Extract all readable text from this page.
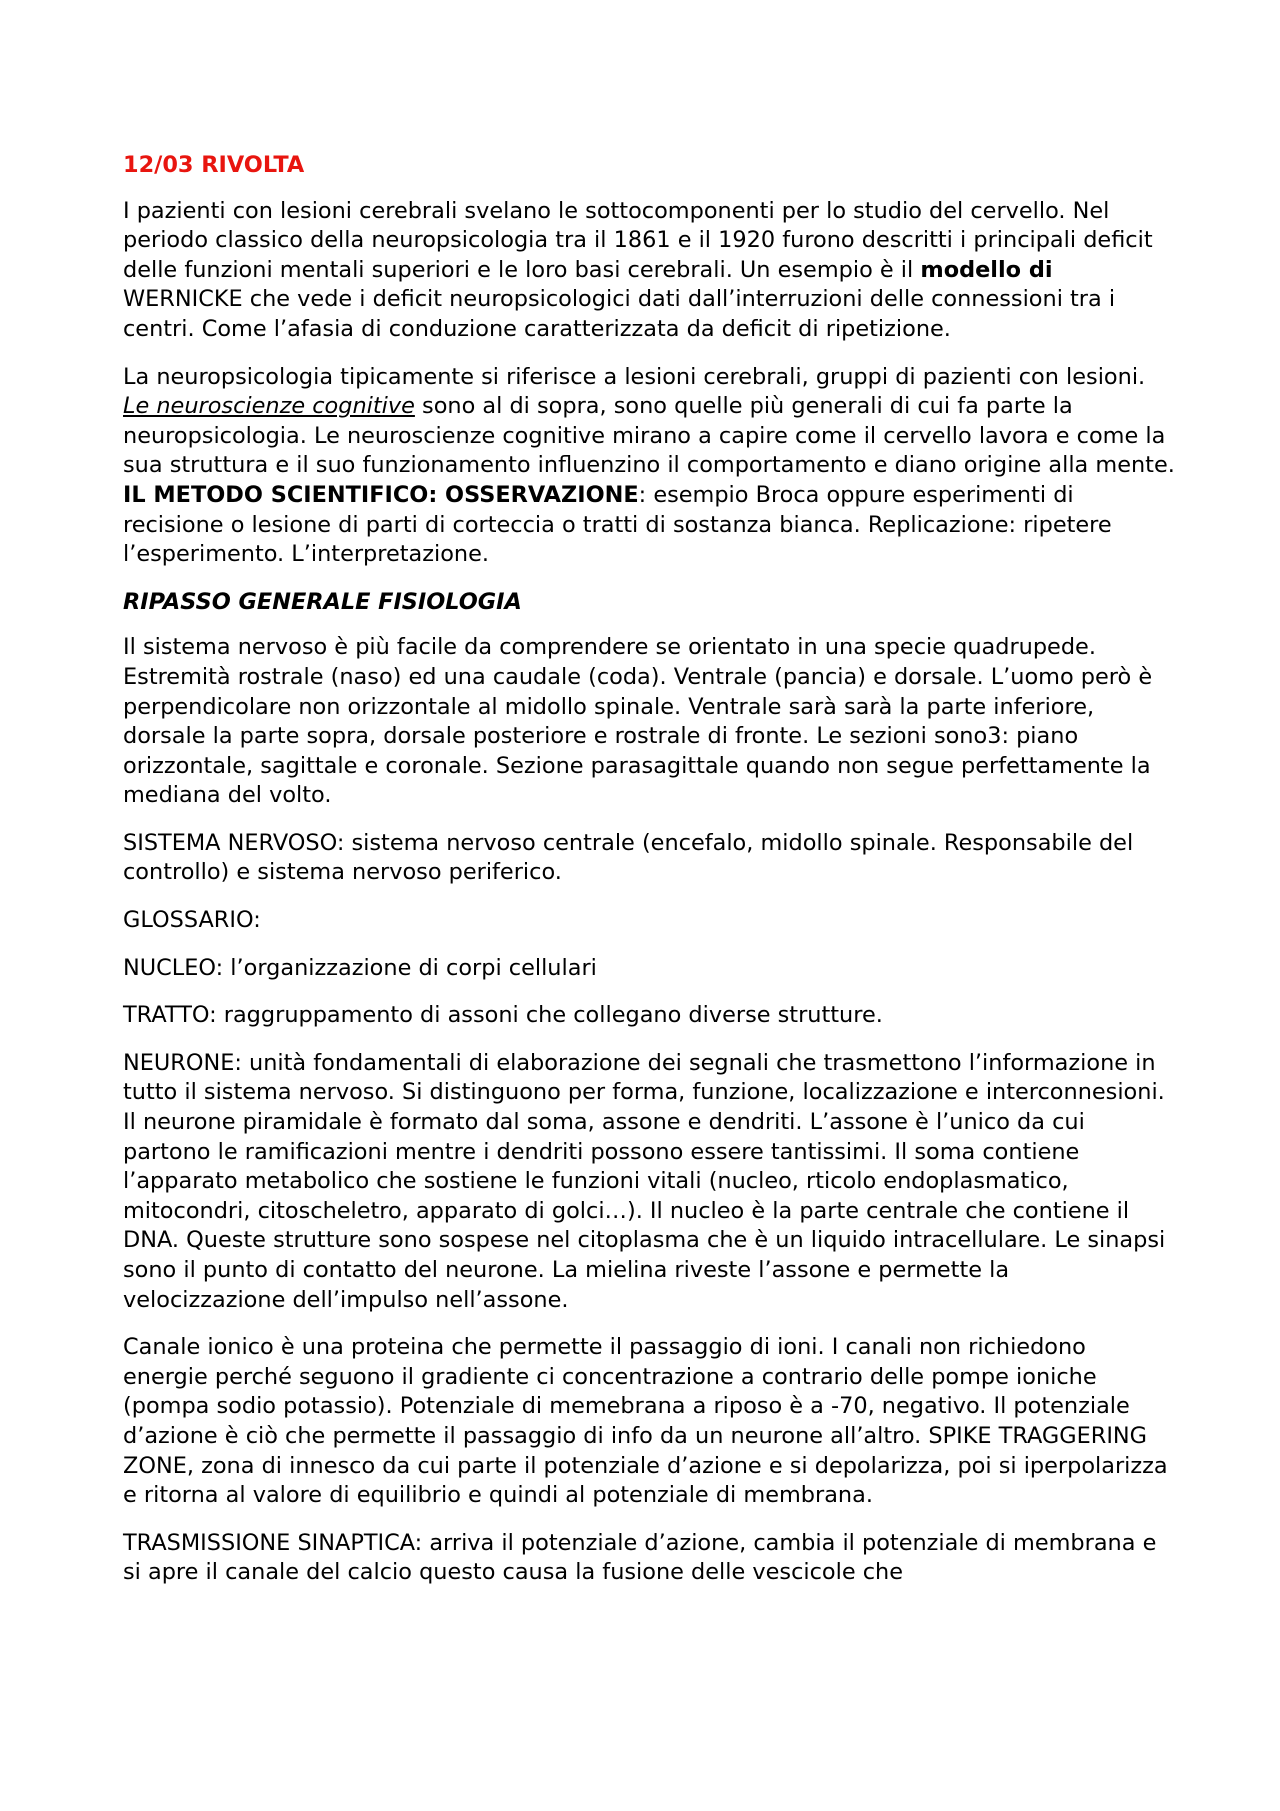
12/03 RIVOLTA

I pazienti con lesioni cerebrali svelano le sottocomponenti per lo studio del cervello. Nel periodo classico della neuropsicologia tra il 1861 e il 1920 furono descritti i principali deficit delle funzioni mentali superiori e le loro basi cerebrali. Un esempio è il modello di WERNICKE che vede i deficit neuropsicologici dati dall’interruzioni delle connessioni tra i centri. Come l’afasia di conduzione caratterizzata da deficit di ripetizione.

La neuropsicologia tipicamente si riferisce a lesioni cerebrali, gruppi di pazienti con lesioni. Le neuroscienze cognitive sono al di sopra, sono quelle più generali di cui fa parte la neuropsicologia. Le neuroscienze cognitive mirano a capire come il cervello lavora e come la sua struttura e il suo funzionamento influenzino il comportamento e diano origine alla mente. IL METODO SCIENTIFICO: OSSERVAZIONE: esempio Broca oppure esperimenti di recisione o lesione di parti di corteccia o tratti di sostanza bianca. Replicazione: ripetere l’esperimento. L’interpretazione.

RIPASSO GENERALE FISIOLOGIA

Il sistema nervoso è più facile da comprendere se orientato in una specie quadrupede. Estremità rostrale (naso) ed una caudale (coda). Ventrale (pancia) e dorsale. L’uomo però è perpendicolare non orizzontale al midollo spinale. Ventrale sarà sarà la parte inferiore, dorsale la parte sopra, dorsale posteriore e rostrale di fronte. Le sezioni sono3: piano orizzontale, sagittale e coronale. Sezione parasagittale quando non segue perfettamente la mediana del volto.

SISTEMA NERVOSO: sistema nervoso centrale (encefalo, midollo spinale. Responsabile del controllo) e sistema nervoso periferico.

GLOSSARIO:

NUCLEO: l’organizzazione di corpi cellulari

TRATTO: raggruppamento di assoni che collegano diverse strutture.

NEURONE: unità fondamentali di elaborazione dei segnali che trasmettono l’informazione in tutto il sistema nervoso. Si distinguono per forma, funzione, localizzazione e interconnesioni. Il neurone piramidale è formato dal soma, assone e dendriti. L’assone è l’unico da cui partono le ramificazioni mentre i dendriti possono essere tantissimi. Il soma contiene l’apparato metabolico che sostiene le funzioni vitali (nucleo, rticolo endoplasmatico, mitocondri, citoscheletro, apparato di golci…). Il nucleo è la parte centrale che contiene il DNA. Queste strutture sono sospese nel citoplasma che è un liquido intracellulare. Le sinapsi sono il punto di contatto del neurone. La mielina riveste l’assone e permette la velocizzazione dell’impulso nell’assone.

Canale ionico è una proteina che permette il passaggio di ioni. I canali non richiedono energie perché seguono il gradiente ci concentrazione a contrario delle pompe ioniche (pompa sodio potassio). Potenziale di memebrana a riposo è a -70, negativo. Il potenziale d’azione è ciò che permette il passaggio di info da un neurone all’altro. SPIKE TRAGGERING ZONE, zona di innesco da cui parte il potenziale d’azione e si depolarizza, poi si iperpolarizza e ritorna al valore di equilibrio e quindi al potenziale di membrana.

TRASMISSIONE SINAPTICA: arriva il potenziale d’azione, cambia il potenziale di membrana e si apre il canale del calcio questo causa la fusione delle vescicole che
